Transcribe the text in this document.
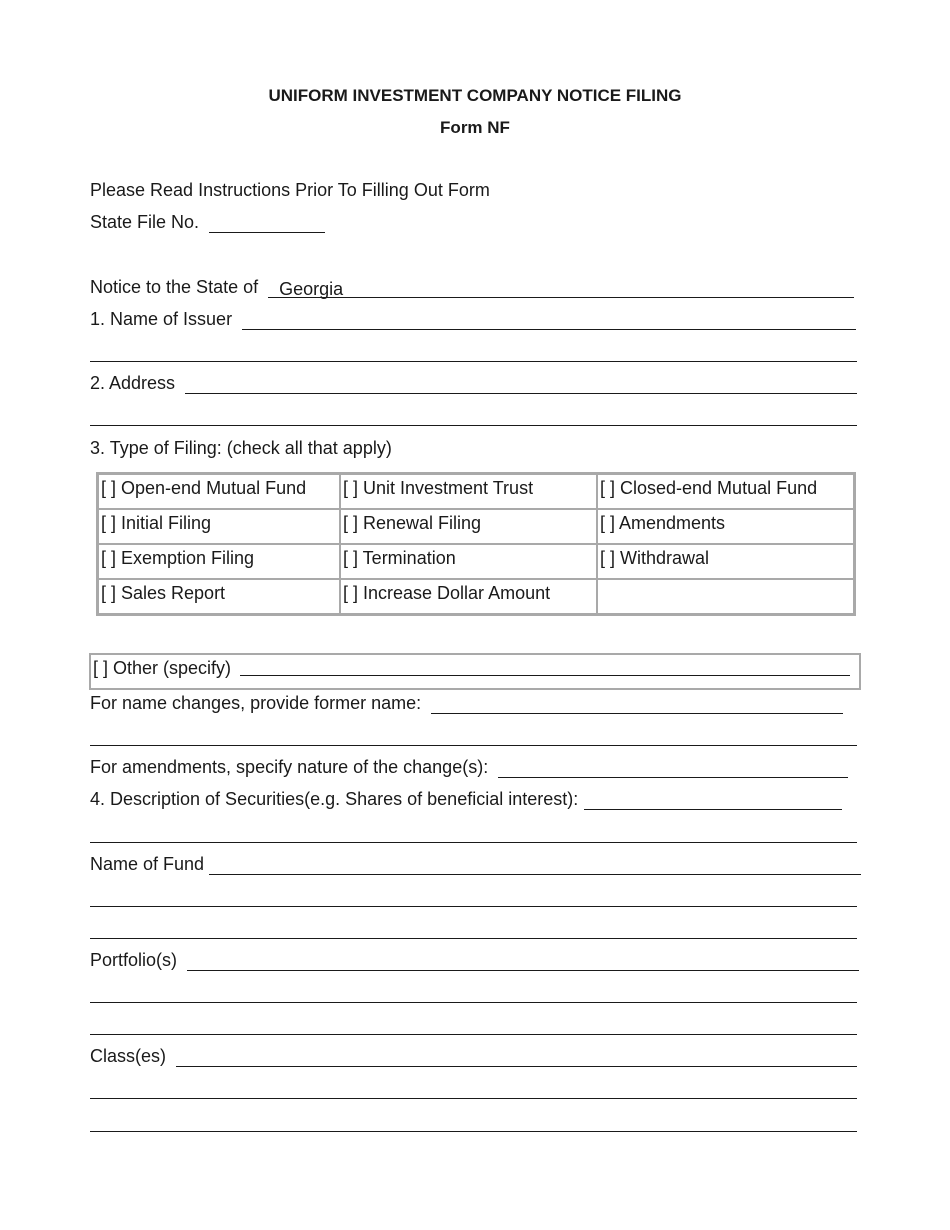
UNIFORM INVESTMENT COMPANY NOTICE FILING
Form NF
Please Read Instructions Prior To Filling Out Form
State File No.
Notice to the State of Georgia
1. Name of Issuer
2. Address
3. Type of Filing: (check all that apply)
[ ] Open-end Mutual Fund	[ ] Unit Investment Trust	[ ] Closed-end Mutual Fund
[ ] Initial Filing	[ ] Renewal Filing	[ ] Amendments
[ ] Exemption Filing	[ ] Termination	[ ] Withdrawal
[ ] Sales Report	[ ] Increase Dollar Amount	
[ ] Other (specify)
For name changes, provide former name:
For amendments, specify nature of the change(s):
4. Description of Securities(e.g. Shares of beneficial interest):
Name of Fund
Portfolio(s)
Class(es)
